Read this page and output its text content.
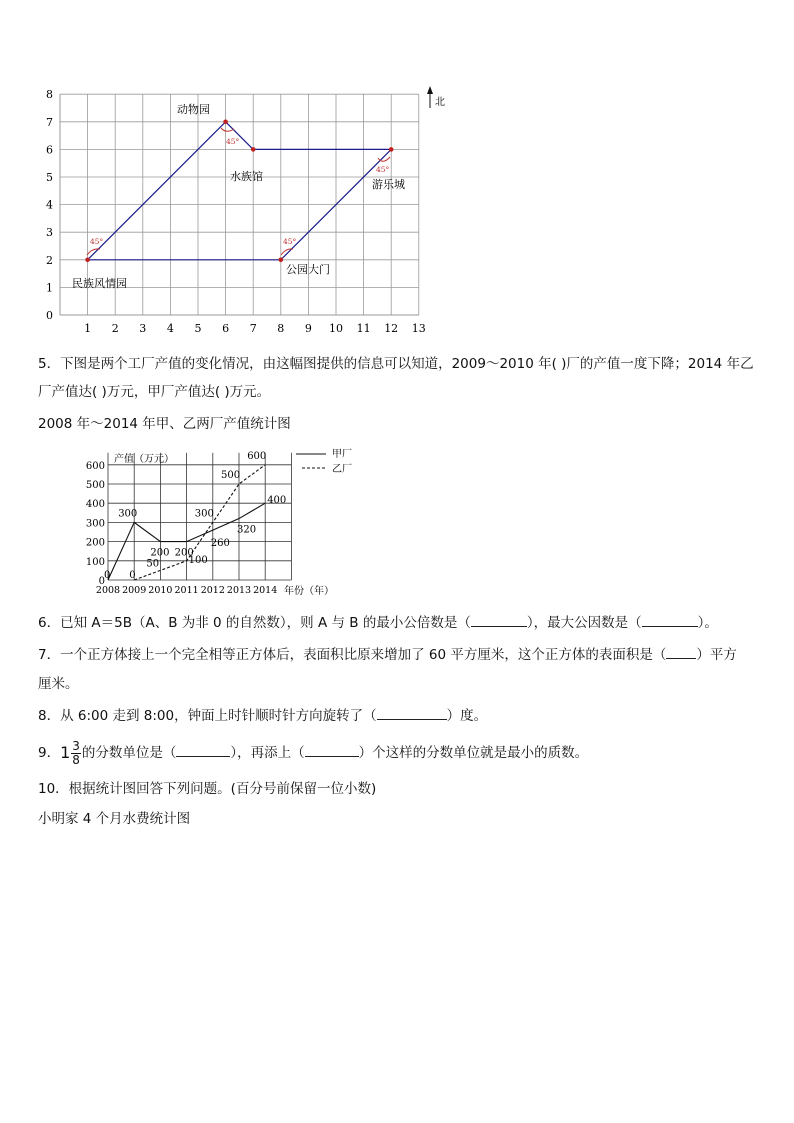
8
7
6
5
4
3
2
1
0
1 2 3 4 5 6 7 8 9 10 11 12 13
北
动物园
水族馆
游乐城
民族风情园
公园大门
45°
45°	45°
45°
5．下图是两个工厂产值的变化情况，由这幅图提供的信息可以知道，2009～2010 年( )厂的产值一度下降；2014 年乙
厂产值达( )万元，甲厂产值达( )万元。
2008 年～2014 年甲、乙两厂产值统计图
产值（万元）
年份（年）
600
500
400
300
200
100
0
2008 2009 2010 2011 2012 2013 2014
0
300
200 200
260
320
400
0
50	100
300
500
600	甲厂
乙厂
6．已知 A＝5B（A、B 为非 0 的自然数），则 A 与 B 的最小公倍数是（	），最大公因数是（	）。
7．一个正方体接上一个完全相等正方体后，表面积比原来增加了 60 平方厘米，这个正方体的表面积是（ ）平方
厘米。
8．从 6:00 走到 8:00，钟面上时针顺时针方向旋转了（	）度。
9． $1 \frac{3}{8}$ 的分数单位是（	），再添上（	）个这样的分数单位就是最小的质数。
10．根据统计图回答下列问题。(百分号前保留一位小数)
小明家 4 个月水费统计图
